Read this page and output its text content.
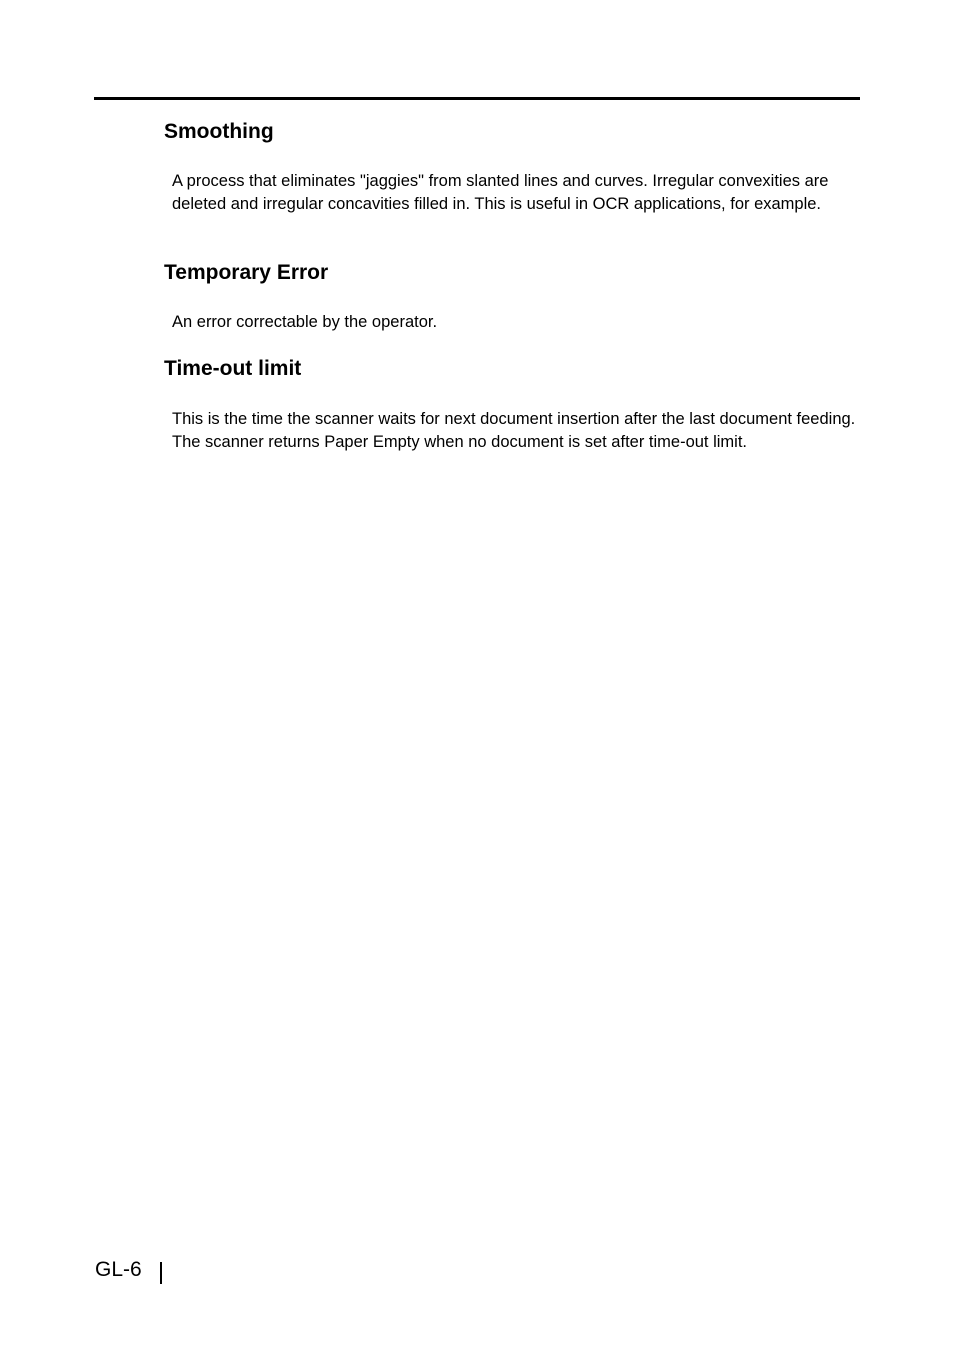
Smoothing

A process that eliminates "jaggies" from slanted lines and curves. Irregular convexities are deleted and irregular concavities filled in. This is useful in OCR applications, for example.

Temporary Error

An error correctable by the operator.

Time-out limit

This is the time the scanner waits for next document insertion after the last document feeding. The scanner returns Paper Empty when no document is set after time-out limit.

GL-6
